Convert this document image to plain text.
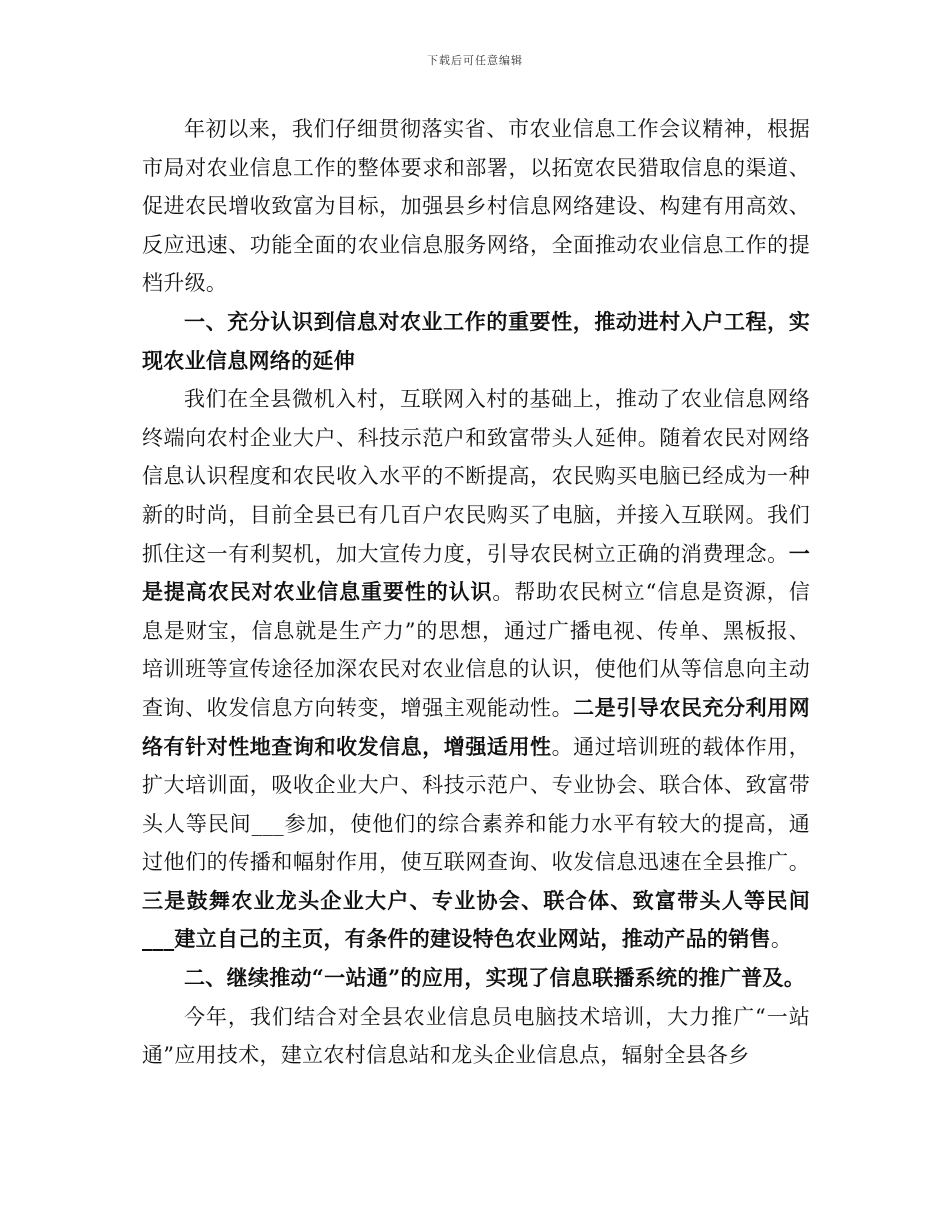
下载后可任意编辑

年初以来，我们仔细贯彻落实省、市农业信息工作会议精神，根据市局对农业信息工作的整体要求和部署，以拓宽农民猎取信息的渠道、促进农民增收致富为目标，加强县乡村信息网络建设、构建有用高效、反应迅速、功能全面的农业信息服务网络，全面推动农业信息工作的提档升级。

一、充分认识到信息对农业工作的重要性，推动进村入户工程，实现农业信息网络的延伸

我们在全县微机入村，互联网入村的基础上，推动了农业信息网络终端向农村企业大户、科技示范户和致富带头人延伸。随着农民对网络信息认识程度和农民收入水平的不断提高，农民购买电脑已经成为一种新的时尚，目前全县已有几百户农民购买了电脑，并接入互联网。我们抓住这一有利契机，加大宣传力度，引导农民树立正确的消费理念。一是提高农民对农业信息重要性的认识。帮助农民树立“信息是资源，信息是财宝，信息就是生产力”的思想，通过广播电视、传单、黑板报、培训班等宣传途径加深农民对农业信息的认识，使他们从等信息向主动查询、收发信息方向转变，增强主观能动性。二是引导农民充分利用网络有针对性地查询和收发信息，增强适用性。通过培训班的载体作用，扩大培训面，吸收企业大户、科技示范户、专业协会、联合体、致富带头人等民间___参加，使他们的综合素养和能力水平有较大的提高，通过他们的传播和幅射作用，使互联网查询、收发信息迅速在全县推广。三是鼓舞农业龙头企业大户、专业协会、联合体、致富带头人等民间___建立自己的主页，有条件的建设特色农业网站，推动产品的销售。

二、继续推动“一站通”的应用，实现了信息联播系统的推广普及。

今年，我们结合对全县农业信息员电脑技术培训，大力推广“一站通”应用技术，建立农村信息站和龙头企业信息点，辐射全县各乡
